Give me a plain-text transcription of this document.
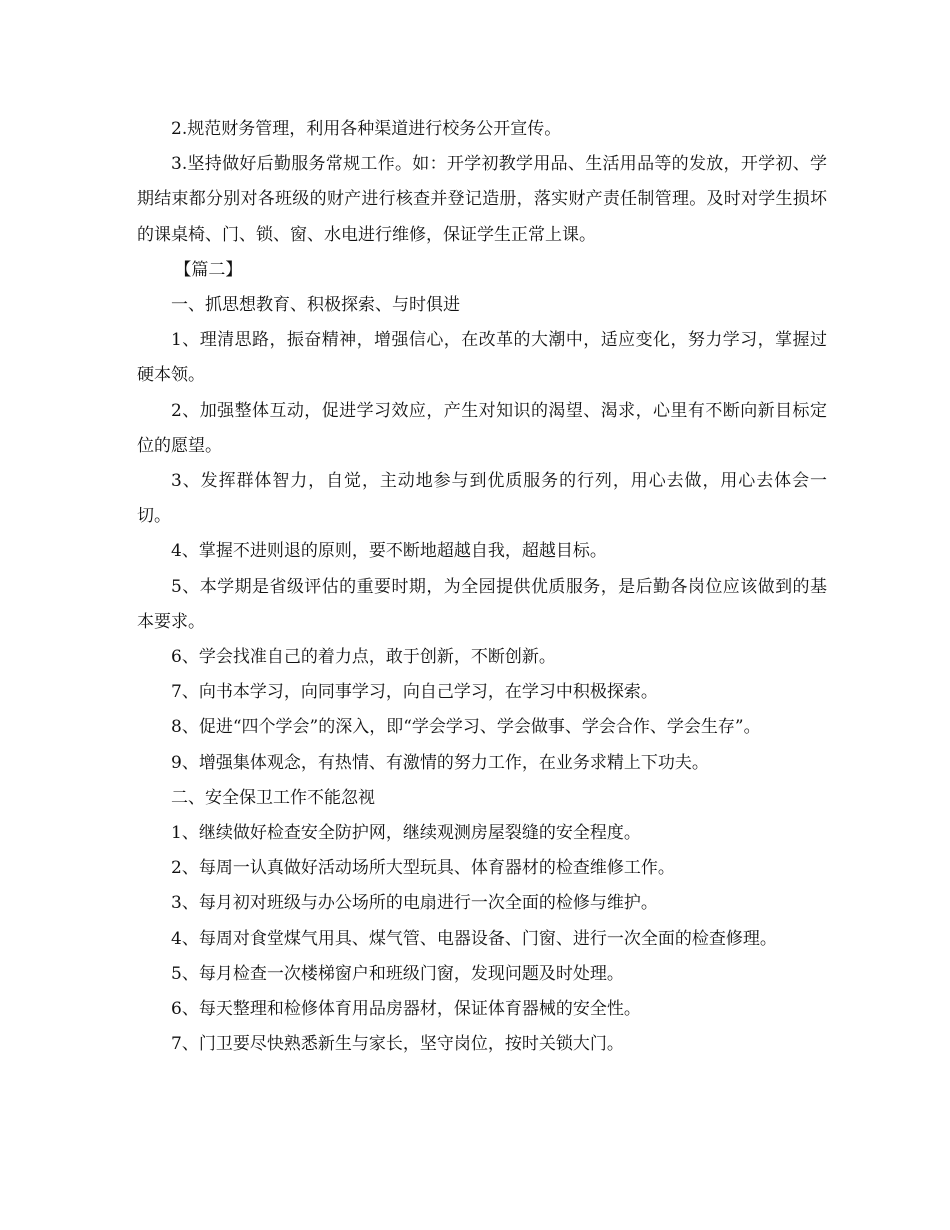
2.规范财务管理，利用各种渠道进行校务公开宣传。

3.坚持做好后勤服务常规工作。如：开学初教学用品、生活用品等的发放，开学初、学期结束都分别对各班级的财产进行核查并登记造册，落实财产责任制管理。及时对学生损坏的课桌椅、门、锁、窗、水电进行维修，保证学生正常上课。

【篇二】

一、抓思想教育、积极探索、与时俱进

1、理清思路，振奋精神，增强信心，在改革的大潮中，适应变化，努力学习，掌握过硬本领。

2、加强整体互动，促进学习效应，产生对知识的渴望、渴求，心里有不断向新目标定位的愿望。

3、发挥群体智力，自觉，主动地参与到优质服务的行列，用心去做，用心去体会一切。

4、掌握不进则退的原则，要不断地超越自我，超越目标。

5、本学期是省级评估的重要时期，为全园提供优质服务，是后勤各岗位应该做到的基本要求。

6、学会找准自己的着力点，敢于创新，不断创新。

7、向书本学习，向同事学习，向自己学习，在学习中积极探索。

8、促进“四个学会”的深入，即“学会学习、学会做事、学会合作、学会生存”。

9、增强集体观念，有热情、有激情的努力工作，在业务求精上下功夫。

二、安全保卫工作不能忽视

1、继续做好检查安全防护网，继续观测房屋裂缝的安全程度。

2、每周一认真做好活动场所大型玩具、体育器材的检查维修工作。

3、每月初对班级与办公场所的电扇进行一次全面的检修与维护。

4、每周对食堂煤气用具、煤气管、电器设备、门窗、进行一次全面的检查修理。

5、每月检查一次楼梯窗户和班级门窗，发现问题及时处理。

6、每天整理和检修体育用品房器材，保证体育器械的安全性。

7、门卫要尽快熟悉新生与家长，坚守岗位，按时关锁大门。
